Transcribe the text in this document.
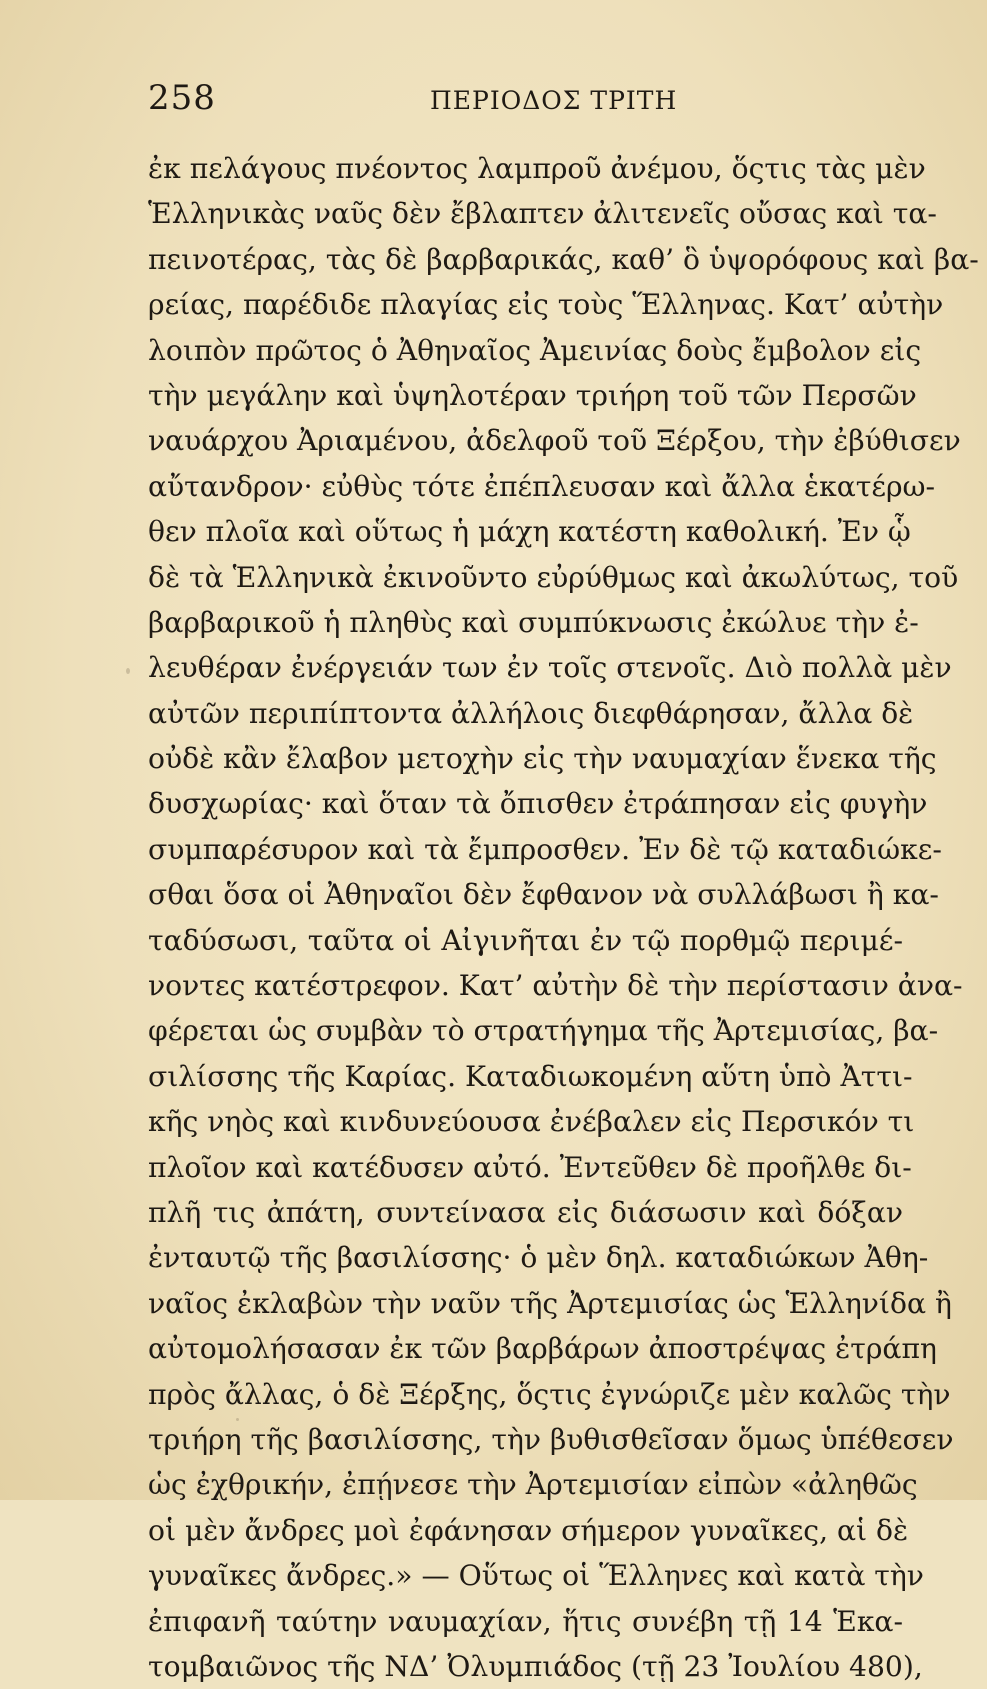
258	ΠΕΡΙΟΔΟΣ ΤΡΙΤΗ
ἐκ πελάγους πνέοντος λαμπροῦ ἀνέμου, ὅςτις τὰς μὲν
Ἑλληνικὰς ναῦς δὲν ἔβλαπτεν ἀλιτενεῖς οὔσας καὶ τα-
πεινοτέρας, τὰς δὲ βαρβαρικάς, καθ’ ὃ ὑψορόφους καὶ βα-
ρείας, παρέδιδε πλαγίας εἰς τοὺς Ἕλληνας. Κατ’ αὐτὴν
λοιπὸν πρῶτος ὁ Ἀθηναῖος Ἀμεινίας δοὺς ἔμβολον εἰς
τὴν μεγάλην καὶ ὑψηλοτέραν τριήρη τοῦ τῶν Περσῶν
ναυάρχου Ἀριαμένου, ἀδελφοῦ τοῦ Ξέρξου, τὴν ἐβύθισεν
αὔτανδρον· εὐθὺς τότε ἐπέπλευσαν καὶ ἄλλα ἑκατέρω-
θεν πλοῖα καὶ οὕτως ἡ μάχη κατέστη καθολική. Ἐν ᾧ
δὲ τὰ Ἑλληνικὰ ἐκινοῦντο εὐρύθμως καὶ ἀκωλύτως, τοῦ
βαρβαρικοῦ ἡ πληθὺς καὶ συμπύκνωσις ἐκώλυε τὴν ἐ-
λευθέραν ἐνέργειάν των ἐν τοῖς στενοῖς. Διὸ πολλὰ μὲν
αὐτῶν περιπίπτοντα ἀλλήλοις διεφθάρησαν, ἄλλα δὲ
οὐδὲ κἂν ἔλαβον μετοχὴν εἰς τὴν ναυμαχίαν ἕνεκα τῆς
δυσχωρίας· καὶ ὅταν τὰ ὄπισθεν ἐτράπησαν εἰς φυγὴν
συμπαρέσυρον καὶ τὰ ἔμπροσθεν. Ἐν δὲ τῷ καταδιώκε-
σθαι ὅσα οἱ Ἀθηναῖοι δὲν ἔφθανον νὰ συλλάβωσι ἢ κα-
ταδύσωσι, ταῦτα οἱ Αἰγινῆται ἐν τῷ πορθμῷ περιμέ-
νοντες κατέστρεφον. Κατ’ αὐτὴν δὲ τὴν περίστασιν ἀνα-
φέρεται ὡς συμβὰν τὸ στρατήγημα τῆς Ἀρτεμισίας, βα-
σιλίσσης τῆς Καρίας. Καταδιωκομένη αὕτη ὑπὸ Ἀττι-
κῆς νηὸς καὶ κινδυνεύουσα ἐνέβαλεν εἰς Περσικόν τι
πλοῖον καὶ κατέδυσεν αὐτό. Ἐντεῦθεν δὲ προῆλθε δι-
πλῆ τις ἀπάτη, συντείνασα εἰς διάσωσιν καὶ δόξαν
ἐνταυτῷ τῆς βασιλίσσης· ὁ μὲν δηλ. καταδιώκων Ἀθη-
ναῖος ἐκλαβὼν τὴν ναῦν τῆς Ἀρτεμισίας ὡς Ἑλληνίδα ἢ
αὐτομολήσασαν ἐκ τῶν βαρβάρων ἀποστρέψας ἐτράπη
πρὸς ἄλλας, ὁ δὲ Ξέρξης, ὅςτις ἐγνώριζε μὲν καλῶς τὴν
τριήρη τῆς βασιλίσσης, τὴν βυθισθεῖσαν ὅμως ὑπέθεσεν
ὡς ἐχθρικήν, ἐπῄνεσε τὴν Ἀρτεμισίαν εἰπὼν «ἀληθῶς
οἱ μὲν ἄνδρες μοὶ ἐφάνησαν σήμερον γυναῖκες, αἱ δὲ
γυναῖκες ἄνδρες.» — Οὕτως οἱ Ἕλληνες καὶ κατὰ τὴν
ἐπιφανῆ ταύτην ναυμαχίαν, ἥτις συνέβη τῇ 14 Ἑκα-
τομβαιῶνος τῆς ΝΔ’ Ὀλυμπιάδος (τῇ 23 Ἰουλίου 480),
